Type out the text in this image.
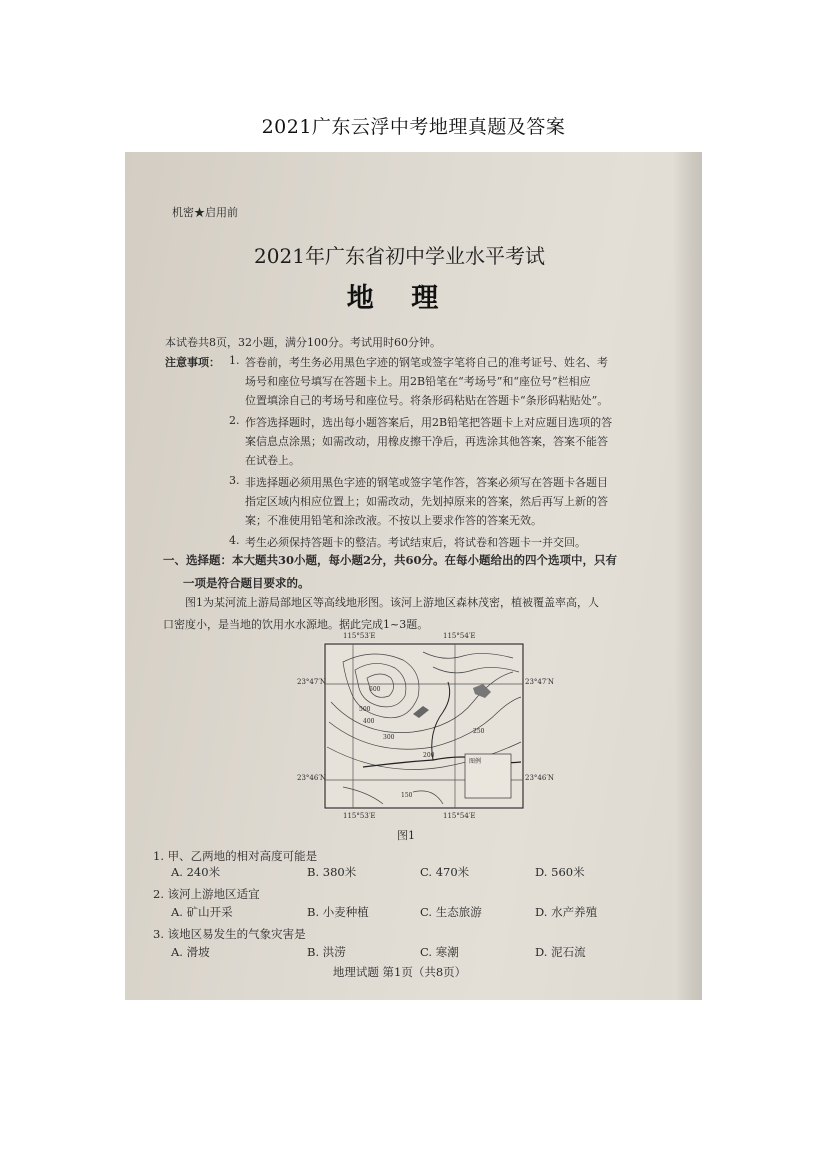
2021广东云浮中考地理真题及答案
机密★启用前
2021年广东省初中学业水平考试
地 理
本试卷共8页，32小题，满分100分。考试用时60分钟。
注意事项： 1. 答卷前，考生务必用黑色字迹的钢笔或签字笔将自己的准考证号、姓名、考
场号和座位号填写在答题卡上。用2B铅笔在“考场号”和“座位号”栏相应
位置填涂自己的考场号和座位号。将条形码粘贴在答题卡“条形码粘贴处”。
2. 作答选择题时，选出每小题答案后，用2B铅笔把答题卡上对应题目选项的答
案信息点涂黑；如需改动，用橡皮擦干净后，再选涂其他答案，答案不能答
在试卷上。
3. 非选择题必须用黑色字迹的钢笔或签字笔作答，答案必须写在答题卡各题目
指定区域内相应位置上；如需改动，先划掉原来的答案，然后再写上新的答
案；不准使用铅笔和涂改液。不按以上要求作答的答案无效。
4. 考生必须保持答题卡的整洁。考试结束后，将试卷和答题卡一并交回。
一、选择题：本大题共30小题，每小题2分，共60分。在每小题给出的四个选项中，只有
一项是符合题目要求的。
图1为某河流上游局部地区等高线地形图。该河上游地区森林茂密，植被覆盖率高，人
口密度小，是当地的饮用水水源地。据此完成1~3题。
115°53′E	115°54′E
23°47′N	23°47′N
23°46′N	23°46′N
115°53′E	115°54′E
600
500
400
300
250
200
150
图例
图1
1. 甲、乙两地的相对高度可能是
A. 240米	B. 380米	C. 470米	D. 560米
2. 该河上游地区适宜
A. 矿山开采	B. 小麦种植	C. 生态旅游	D. 水产养殖
3. 该地区易发生的气象灾害是
A. 滑坡	B. 洪涝	C. 寒潮	D. 泥石流
地理试题 第1页（共8页）
